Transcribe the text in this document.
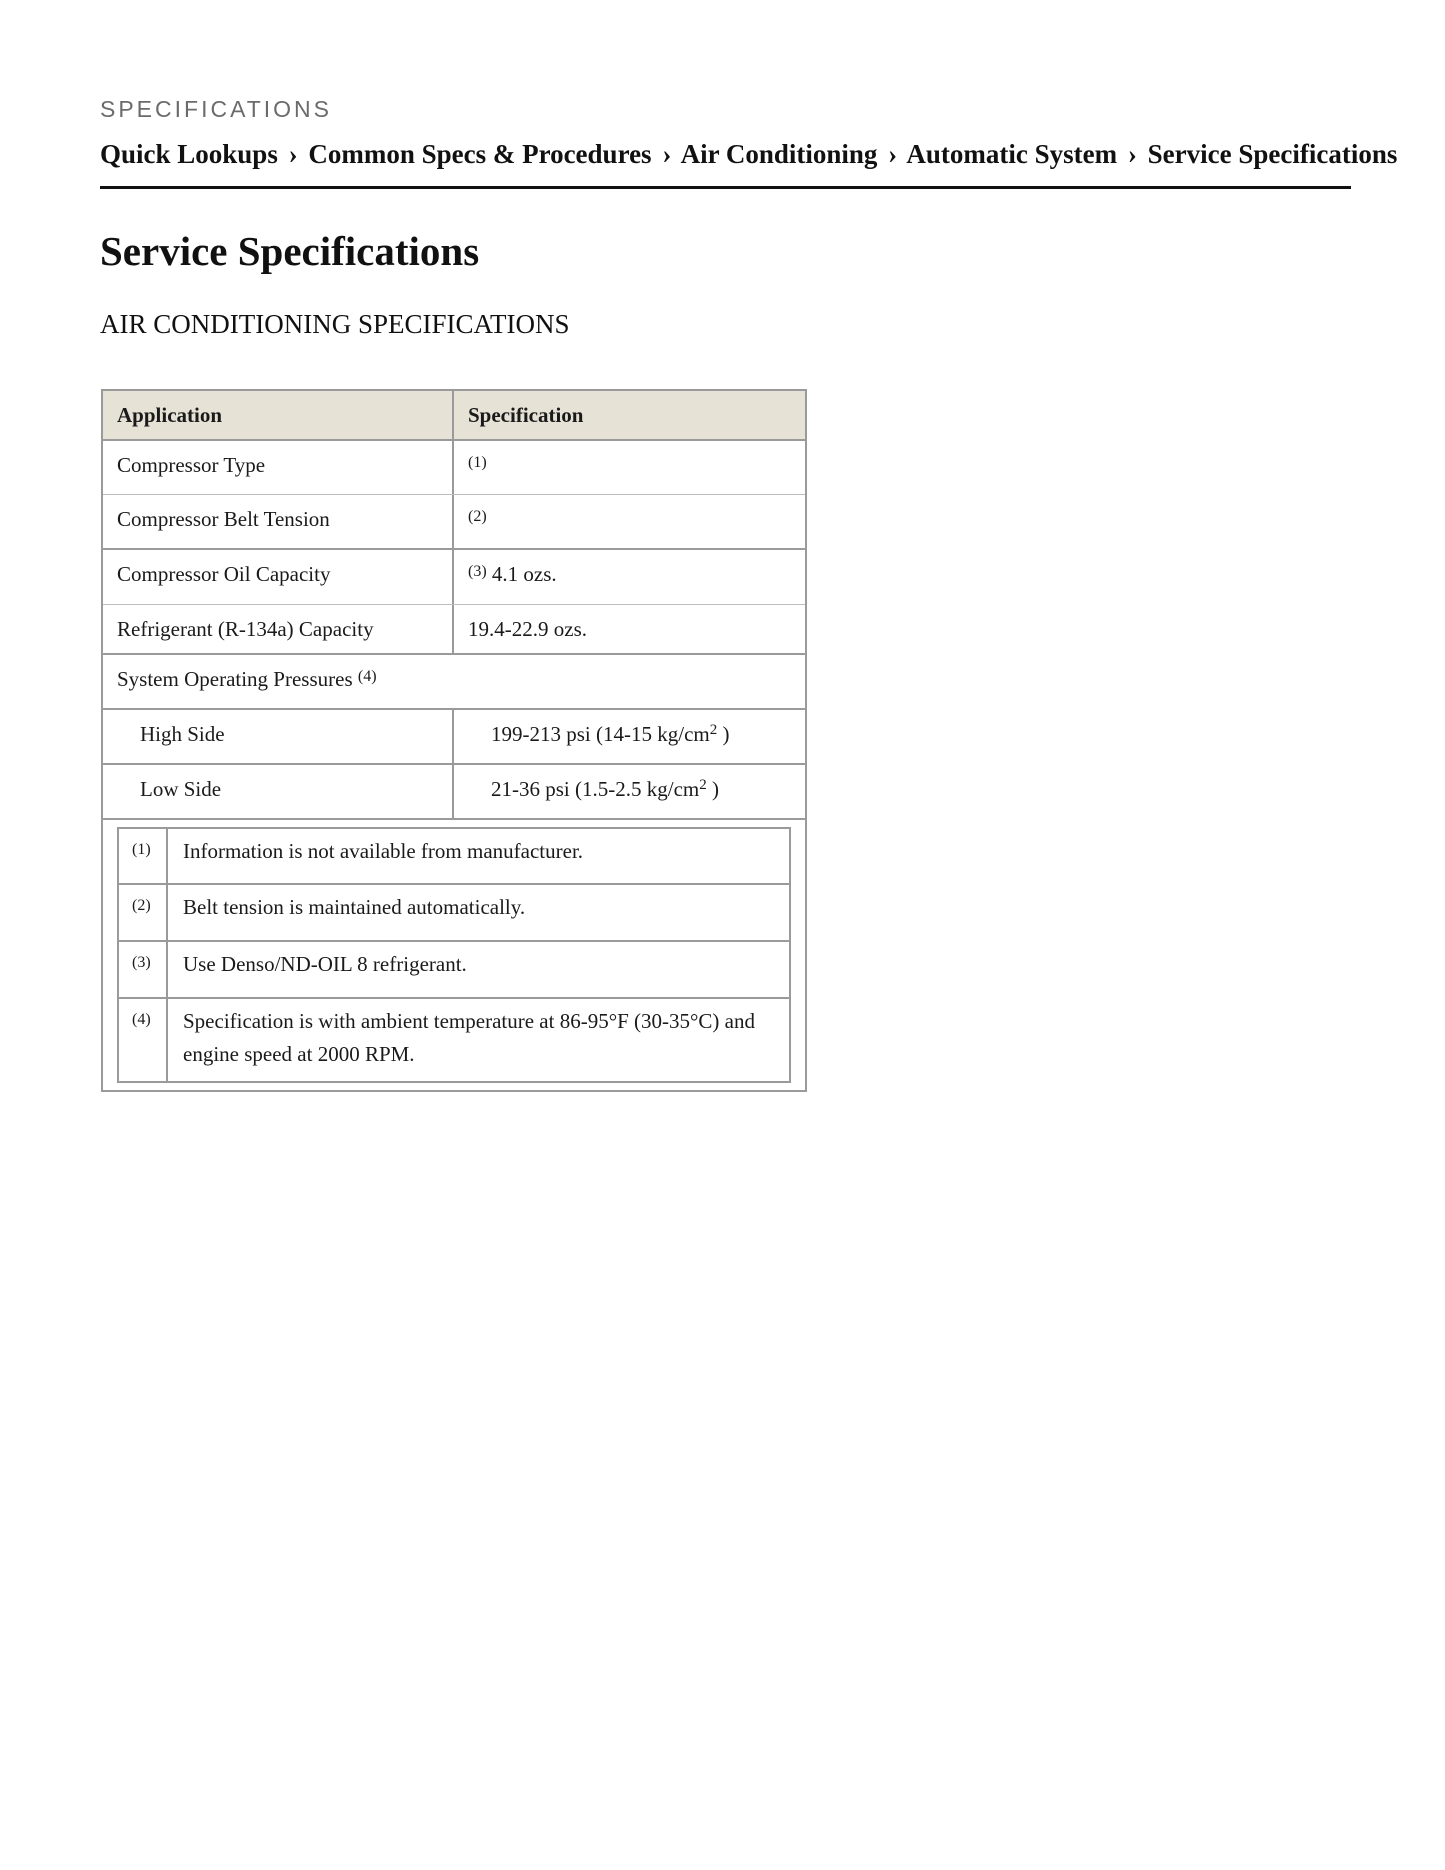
SPECIFICATIONS

Quick Lookups › Common Specs & Procedures › Air Conditioning › Automatic System › Service Specifications
Service Specifications
AIR CONDITIONING SPECIFICATIONS
Application	Specification
Compressor Type	$^{(1)}$
Compressor Belt Tension	$^{(2)}$
Compressor Oil Capacity	$^{(3)}$ 4.1 ozs.
Refrigerant (R-134a) Capacity	19.4-22.9 ozs.
System Operating Pressures $^{(4)}$
High Side	199-213 psi (14-15 $kg/cm^2$ )
Low Side	21-36 psi (1.5-2.5 $kg/cm^2$ )
(1)	Information is not available from manufacturer.
(2)	Belt tension is maintained automatically.
(3)	Use Denso/ND-OIL 8 refrigerant.
(4)	Specification is with ambient temperature at 86-95°F (30-35°C) and engine speed at 2000 RPM.
